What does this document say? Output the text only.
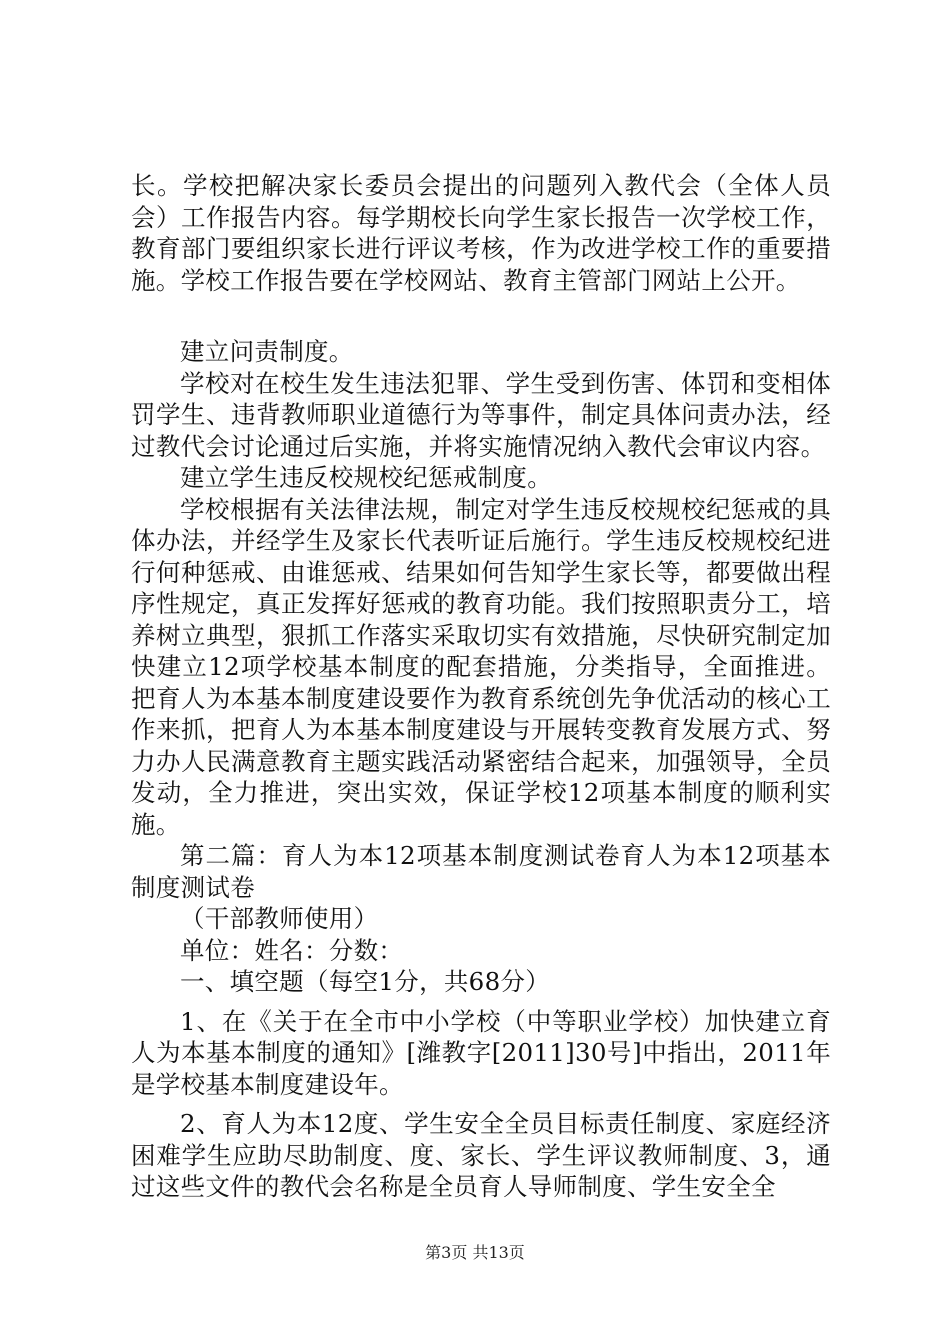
长。学校把解决家长委员会提出的问题列入教代会（全体人员会）工作报告内容。每学期校长向学生家长报告一次学校工作，教育部门要组织家长进行评议考核，作为改进学校工作的重要措施。学校工作报告要在学校网站、教育主管部门网站上公开。

建立问责制度。

学校对在校生发生违法犯罪、学生受到伤害、体罚和变相体罚学生、违背教师职业道德行为等事件，制定具体问责办法，经过教代会讨论通过后实施，并将实施情况纳入教代会审议内容。

建立学生违反校规校纪惩戒制度。

学校根据有关法律法规，制定对学生违反校规校纪惩戒的具体办法，并经学生及家长代表听证后施行。学生违反校规校纪进行何种惩戒、由谁惩戒、结果如何告知学生家长等，都要做出程序性规定，真正发挥好惩戒的教育功能。我们按照职责分工，培养树立典型，狠抓工作落实采取切实有效措施，尽快研究制定加快建立12项学校基本制度的配套措施，分类指导，全面推进。把育人为本基本制度建设要作为教育系统创先争优活动的核心工作来抓，把育人为本基本制度建设与开展转变教育发展方式、努力办人民满意教育主题实践活动紧密结合起来，加强领导，全员发动，全力推进，突出实效，保证学校12项基本制度的顺利实施。

第二篇：育人为本12项基本制度测试卷育人为本12项基本制度测试卷

（干部教师使用）

单位：姓名：分数：

一、填空题（每空1分，共68分）

1、在《关于在全市中小学校（中等职业学校）加快建立育人为本基本制度的通知》[潍教字[2011]30号]中指出，2011年是学校基本制度建设年。

2、育人为本12度、学生安全全员目标责任制度、家庭经济困难学生应助尽助制度、度、家长、学生评议教师制度、3，通过这些文件的教代会名称是全员育人导师制度、学生安全全

第3页 共13页
